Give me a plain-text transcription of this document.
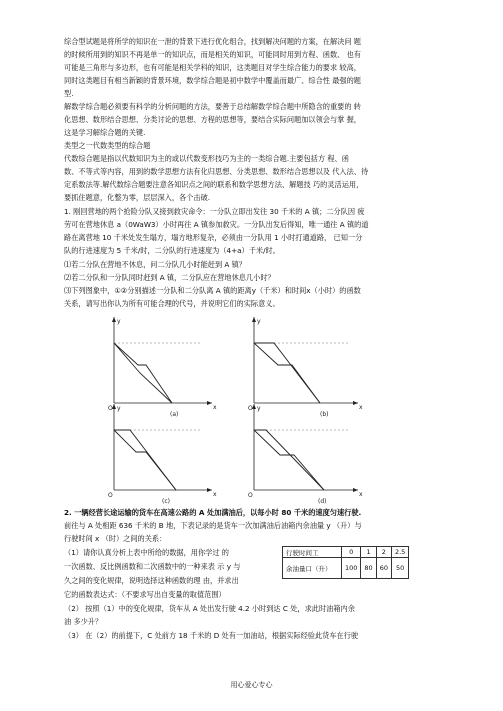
综合型试题是将所学的知识在一泄的背景下进行优化组合，找到解决问题的方案，在解决问 题
的时候所用到的知识不再是单一的知识点，而是相关的知识，可能同时用到方程、函数、 也有
可能是三角形与多边形，也有可能是相关学科的知识，这类题目对学生综合能力的要求 较高，
同时这类题目有相当新颖的背景环境，数学综合题是初中数学中覆盖而最广、综合性 最强的题
型.
解数学综合题必须要有科学的分析问题的方法，要善于总结解数学综合题中所隐含的重要的 转
化思想、数形结合思想、分类讨论的思想、方程的思想等，要结合实际问题加以领会与掌 握，
这是学习解综合题的关键.
类型之一代数类型的综合题
代数综合题是指以代数知识为主的或以代数变形技巧为主的一类综合题.主要包括方 程、函
数、不等式等内容，用到的数学思想方法有化归思想、分类思想、数形结合思想以及 代入法、待
定系数法等.解代数综合题要注意各知识点之间的联系和数学思想方法、解题技 巧的灵活运用，
要抓住题意，化整为零，层层深入，各个击破.
1. 刚回营地的两个抢险分队又接到救灾命令：一分队立即出发往 30 千米的 A 镇；二分队因 疲
劳可在营地休息 a（0WaW3）小时再往 A 镇参加救灾。一分队出发后得知，唯一通往 A 镇的道
路在离营地 10 千米处发生塌方，塌方地形复杂，必须由一分队用 1 小时打通道路， 已知一分
队的行进速度为 5 千米/时，二分队的行进速度为（4+a）千米/时。
⑴若二分队在营地不休息，问二分队几小时能赶到 A 镇？
⑵若二分队和一分队同时赶到 A 镇，二分队应在营地休息几小时？
⑶下列图象中，①②分别描述一分队和二分队离 A 镇的距离y（千米）和时间x（小时）的函数
关系，请写出你认为所有可能合理的代号，并说明它们的实际意义。
y
x
O
(a)
y
x
O
(b)
y
x
O
(c)
y
x
O
(d)
2. 一辆经营长途运输的货车在高速公路的 A 处加满油后，以每小时 80 千米的速度匀速行驶.
前往与 A 处相距 636 千米的 B 地，下表记录的是货车一次加满油后油箱内余油量 y （升）与
行驶时间 x （时）之间的关系：
（1）请你认真分析上表中所给的数据，用你学过 的
一次函数、反比例函数和二次函数中的一种来表 示 y 与
久之间的变化规律，说明选择这种函数的理 由，并求出
它的函数表达式：（不要求写出自变量的取值范围）
（2） 按照（1）中的变化规律，货车从 A 处出发行驶 4.2 小时到达 C 处，求此时油箱内余
油 多少升？
（3） 在（2）的前提下，C 处前方 18 千米的 D 处有一加油站，根据实际经验此货车在行驶
行驶时间工	0	1	2	2.5
余油量口（升）	100	80	60	50
用心爱心专心
